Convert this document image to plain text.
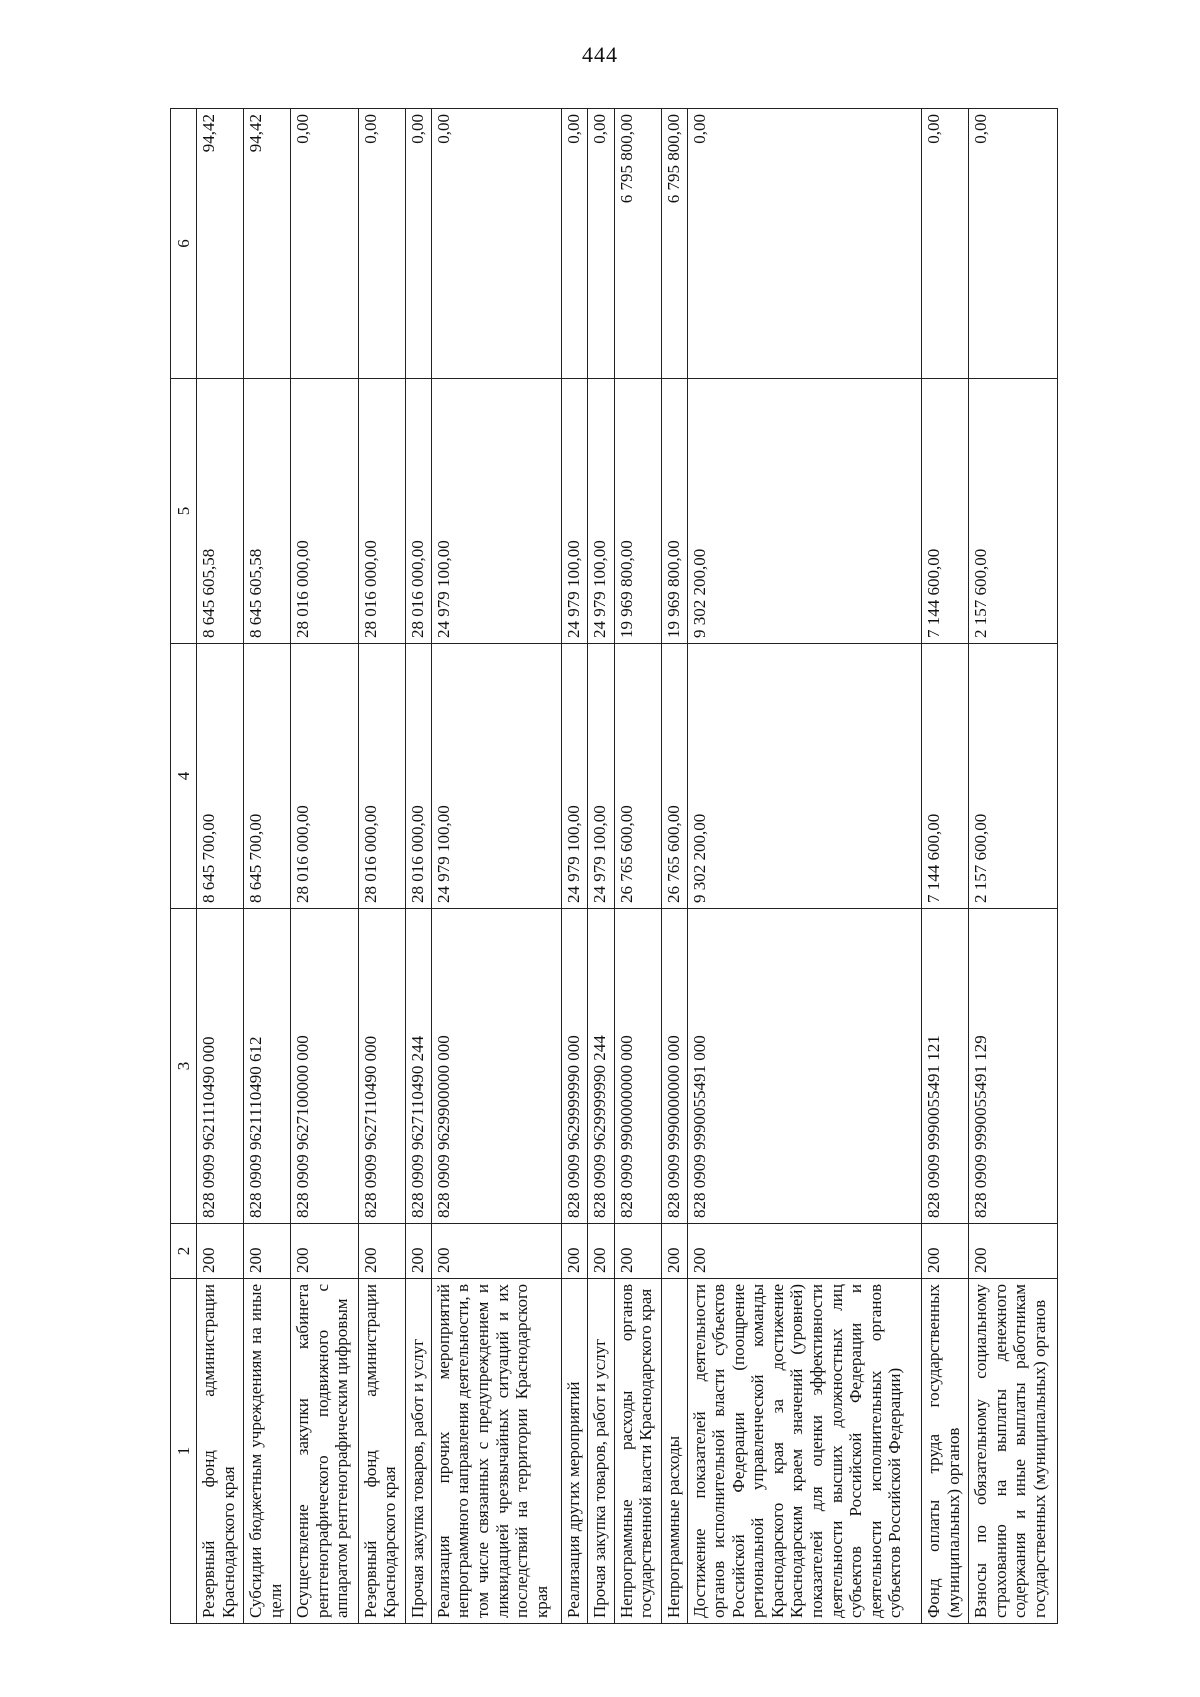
444
1	2	3	4	5	6
Резервный фонд администрации Краснодарского края	200	828 0909 9621110490 000	8 645 700,00	8 645 605,58	94,42
Субсидии бюджетным учреждениям на иные цели	200	828 0909 9621110490 612	8 645 700,00	8 645 605,58	94,42
Осуществление закупки кабинета рентгенографического подвижного с аппаратом рентгенографическим цифровым	200	828 0909 9627100000 000	28 016 000,00	28 016 000,00	0,00
Резервный фонд администрации Краснодарского края	200	828 0909 9627110490 000	28 016 000,00	28 016 000,00	0,00
Прочая закупка товаров, работ и услуг	200	828 0909 9627110490 244	28 016 000,00	28 016 000,00	0,00
Реализация прочих мероприятий непрограммного направления деятельности, в том числе связанных с предупреждением и ликвидацией чрезвычайных ситуаций и их последствий на территории Краснодарского края	200	828 0909 9629900000 000	24 979 100,00	24 979 100,00	0,00
Реализация других мероприятий	200	828 0909 9629999990 000	24 979 100,00	24 979 100,00	0,00
Прочая закупка товаров, работ и услуг	200	828 0909 9629999990 244	24 979 100,00	24 979 100,00	0,00
Непрограммные расходы органов государственной власти Краснодарского края	200	828 0909 9900000000 000	26 765 600,00	19 969 800,00	6 795 800,00
Непрограммные расходы	200	828 0909 9990000000 000	26 765 600,00	19 969 800,00	6 795 800,00
Достижение показателей деятельности органов исполнительной власти субъектов Российской Федерации (поощрение региональной управленческой команды Краснодарского края за достижение Краснодарским краем значений (уровней) показателей для оценки эффективности деятельности высших должностных лиц субъектов Российской Федерации и деятельности исполнительных органов субъектов Российской Федерации)	200	828 0909 9990055491 000	9 302 200,00	9 302 200,00	0,00
Фонд оплаты труда государственных (муниципальных) органов	200	828 0909 9990055491 121	7 144 600,00	7 144 600,00	0,00
Взносы по обязательному социальному страхованию на выплаты денежного содержания и иные выплаты работникам государственных (муниципальных) органов	200	828 0909 9990055491 129	2 157 600,00	2 157 600,00	0,00
